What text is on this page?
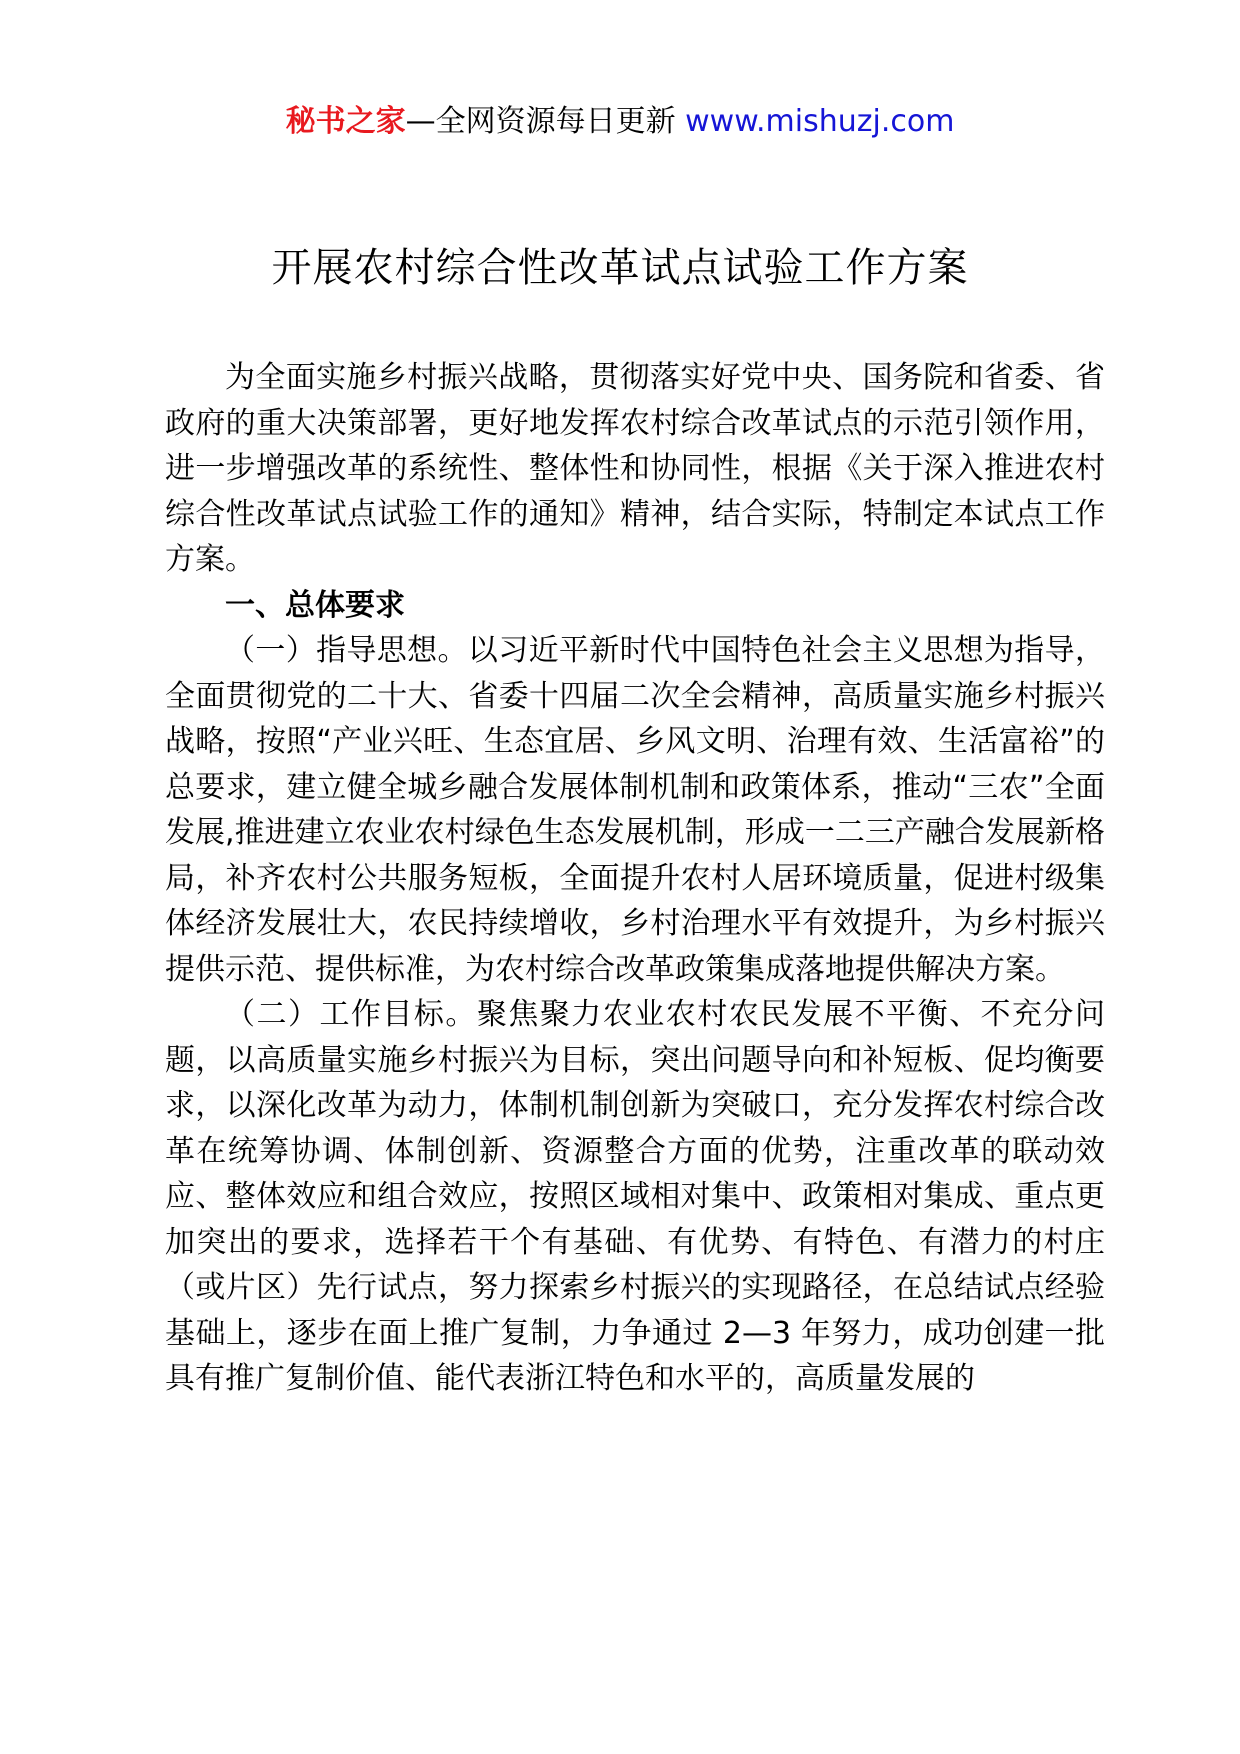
秘书之家—全网资源每日更新 www.mishuzj.com
开展农村综合性改革试点试验工作方案

为全面实施乡村振兴战略，贯彻落实好党中央、国务院和省委、省政府的重大决策部署，更好地发挥农村综合改革试点的示范引领作用，进一步增强改革的系统性、整体性和协同性，根据《关于深入推进农村综合性改革试点试验工作的通知》精神，结合实际，特制定本试点工作方案。

一、总体要求

（一）指导思想。以习近平新时代中国特色社会主义思想为指导，全面贯彻党的二十大、省委十四届二次全会精神，高质量实施乡村振兴战略，按照“产业兴旺、生态宜居、乡风文明、治理有效、生活富裕”的总要求，建立健全城乡融合发展体制机制和政策体系，推动“三农”全面发展,推进建立农业农村绿色生态发展机制，形成一二三产融合发展新格局，补齐农村公共服务短板，全面提升农村人居环境质量，促进村级集体经济发展壮大，农民持续增收，乡村治理水平有效提升，为乡村振兴提供示范、提供标准，为农村综合改革政策集成落地提供解决方案。

（二）工作目标。聚焦聚力农业农村农民发展不平衡、不充分问题，以高质量实施乡村振兴为目标，突出问题导向和补短板、促均衡要求，以深化改革为动力，体制机制创新为突破口，充分发挥农村综合改革在统筹协调、体制创新、资源整合方面的优势，注重改革的联动效应、整体效应和组合效应，按照区域相对集中、政策相对集成、重点更加突出的要求，选择若干个有基础、有优势、有特色、有潜力的村庄（或片区）先行试点，努力探索乡村振兴的实现路径，在总结试点经验基础上，逐步在面上推广复制，力争通过 2—3 年努力，成功创建一批具有推广复制价值、能代表浙江特色和水平的，高质量发展的
